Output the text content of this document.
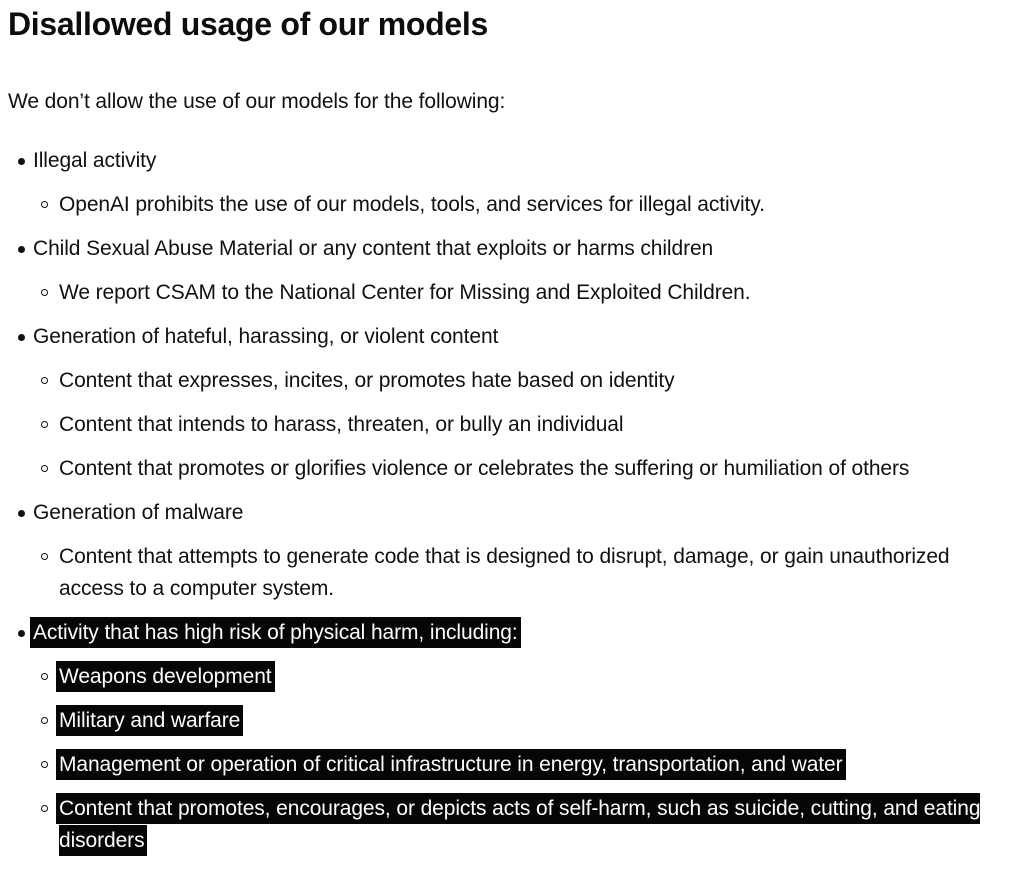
Disallowed usage of our models

We don’t allow the use of our models for the following:

Illegal activity
OpenAI prohibits the use of our models, tools, and services for illegal activity.
Child Sexual Abuse Material or any content that exploits or harms children
We report CSAM to the National Center for Missing and Exploited Children.
Generation of hateful, harassing, or violent content
Content that expresses, incites, or promotes hate based on identity
Content that intends to harass, threaten, or bully an individual
Content that promotes or glorifies violence or celebrates the suffering or humiliation of others
Generation of malware
Content that attempts to generate code that is designed to disrupt, damage, or gain unauthorized access to a computer system.
Activity that has high risk of physical harm, including:
Weapons development
Military and warfare
Management or operation of critical infrastructure in energy, transportation, and water
Content that promotes, encourages, or depicts acts of self-harm, such as suicide, cutting, and eating disorders
